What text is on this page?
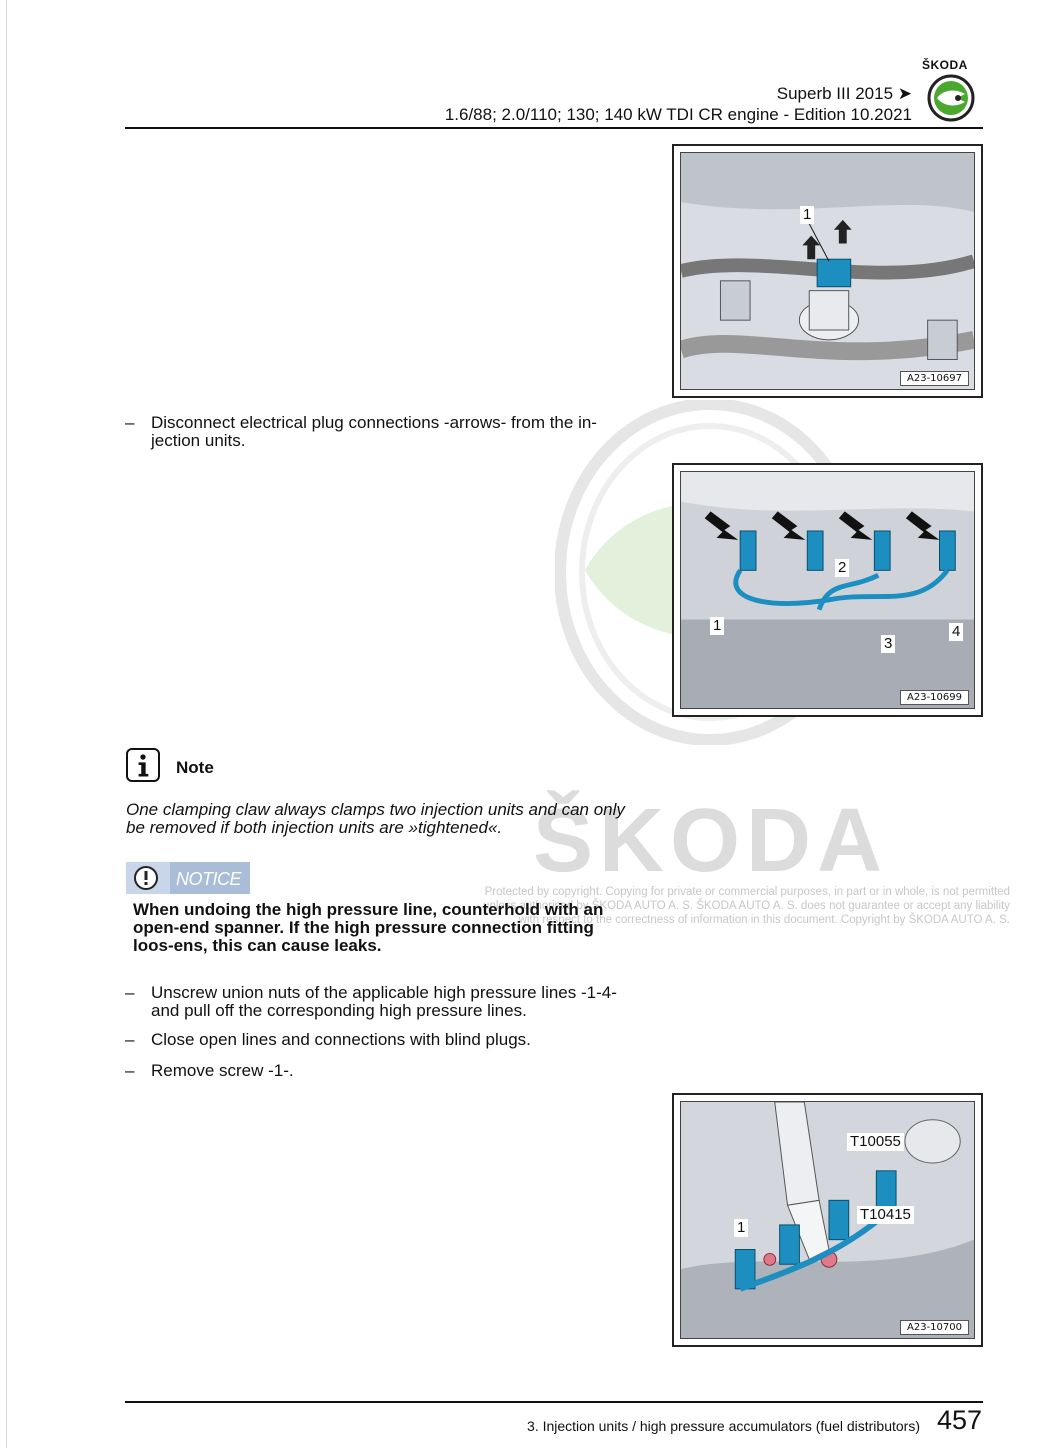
ŠKODA
Superb III 2015 ➤
1.6/88; 2.0/110; 130; 140 kW TDI CR engine - Edition 10.2021
ŠKODA
Protected by copyright. Copying for private or commercial purposes, in part or in whole, is not permitted unless authorised by ŠKODA AUTO A. S. ŠKODA AUTO A. S. does not guarantee or accept any liability with respect to the correctness of information in this document. Copyright by ŠKODA AUTO A. S.
1
A23-10697
– Disconnect electrical plug connections -arrows- from the in-jection units.
1
2
3
4
A23-10699
Note
One clamping claw always clamps two injection units and can only be removed if both injection units are »tightened«.
NOTICE
When undoing the high pressure line, counterhold with an open-end spanner. If the high pressure connection fitting loos-ens, this can cause leaks.
– Unscrew union nuts of the applicable high pressure lines -1-4- and pull off the corresponding high pressure lines.
– Close open lines and connections with blind plugs.
– Remove screw -1-.
T10055
T10415
1
A23-10700
3. Injection units / high pressure accumulators (fuel distributors) 457
